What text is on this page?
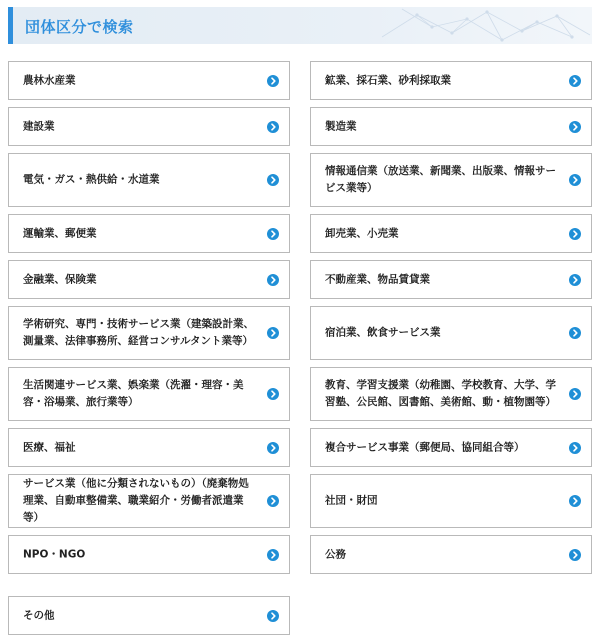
団体区分で検索
農林水産業	鉱業、採石業、砂利採取業
建設業	製造業
電気・ガス・熱供給・水道業
情報通信業（放送業、新聞業、出版業、情報サービス業等）
運輸業、郵便業	卸売業、小売業
金融業、保険業	不動産業、物品賃貸業
学術研究、専門・技術サービス業（建築設計業、測量業、法律事務所、経営コンサルタント業等）
宿泊業、飲食サービス業
生活関連サービス業、娯楽業（洗濯・理容・美容・浴場業、旅行業等）
教育、学習支援業（幼稚園、学校教育、大学、学習塾、公民館、図書館、美術館、動・植物園等）
医療、福祉	複合サービス事業（郵便局、協同組合等）
サービス業（他に分類されないもの）（廃棄物処理業、自動車整備業、職業紹介・労働者派遣業等）
社団・財団
NPO・NGO	公務
その他
